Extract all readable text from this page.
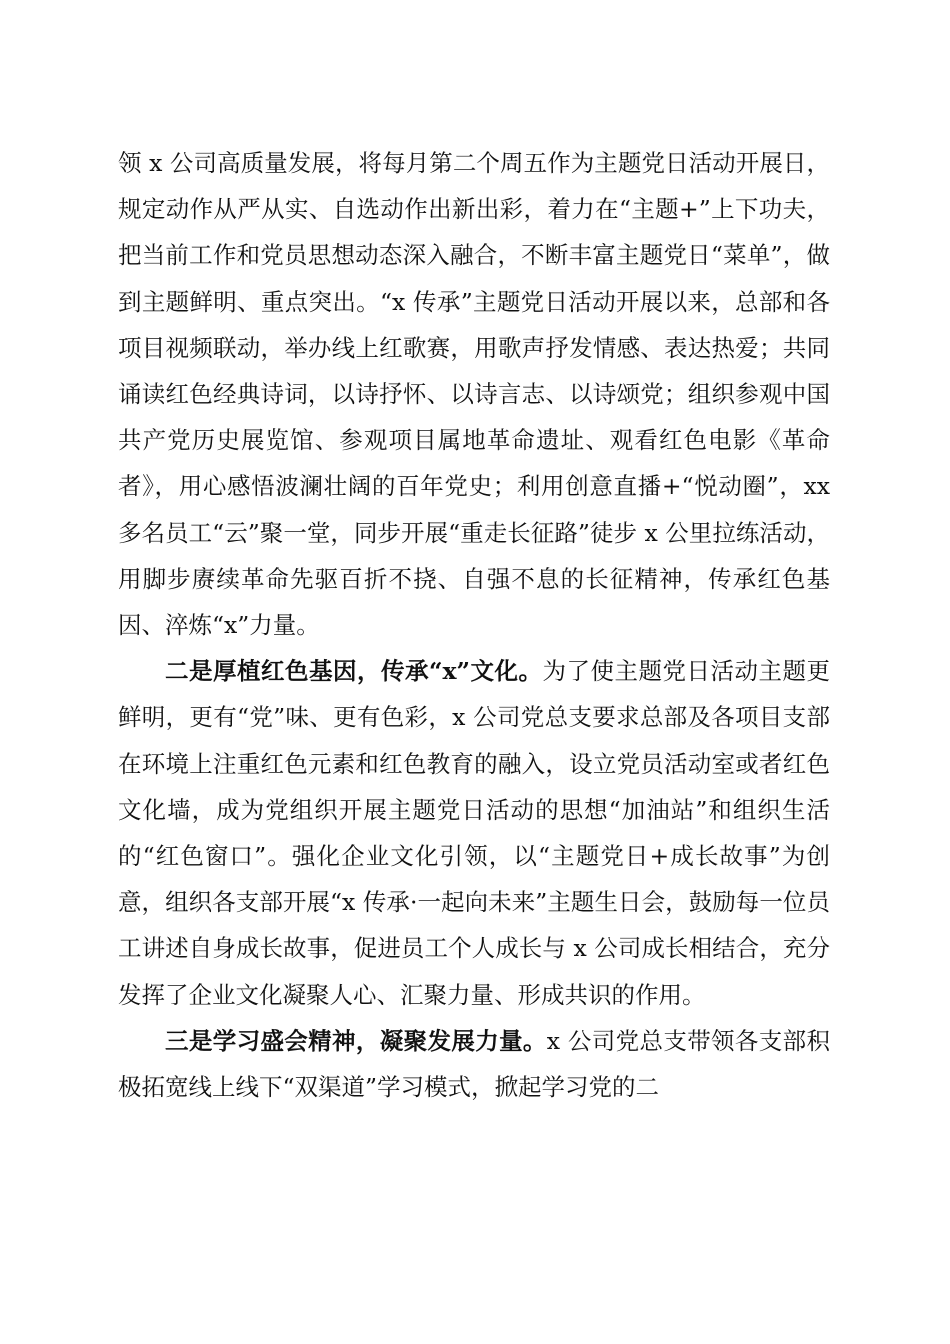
领 x 公司高质量发展，将每月第二个周五作为主题党日活动开展日，规定动作从严从实、自选动作出新出彩，着力在“主题+”上下功夫，把当前工作和党员思想动态深入融合，不断丰富主题党日“菜单”，做到主题鲜明、重点突出。“x 传承”主题党日活动开展以来，总部和各项目视频联动，举办线上红歌赛，用歌声抒发情感、表达热爱；共同诵读红色经典诗词，以诗抒怀、以诗言志、以诗颂党；组织参观中国共产党历史展览馆、参观项目属地革命遗址、观看红色电影《革命者》，用心感悟波澜壮阔的百年党史；利用创意直播+“悦动圈”，xx 多名员工“云”聚一堂，同步开展“重走长征路”徒步 x 公里拉练活动，用脚步赓续革命先驱百折不挠、自强不息的长征精神，传承红色基因、淬炼“x”力量。

二是厚植红色基因，传承“x”文化。为了使主题党日活动主题更鲜明，更有“党”味、更有色彩，x 公司党总支要求总部及各项目支部在环境上注重红色元素和红色教育的融入，设立党员活动室或者红色文化墙，成为党组织开展主题党日活动的思想“加油站”和组织生活的“红色窗口”。强化企业文化引领，以“主题党日+成长故事”为创意，组织各支部开展“x 传承·一起向未来”主题生日会，鼓励每一位员工讲述自身成长故事，促进员工个人成长与 x 公司成长相结合，充分发挥了企业文化凝聚人心、汇聚力量、形成共识的作用。

三是学习盛会精神，凝聚发展力量。x 公司党总支带领各支部积极拓宽线上线下“双渠道”学习模式，掀起学习党的二
